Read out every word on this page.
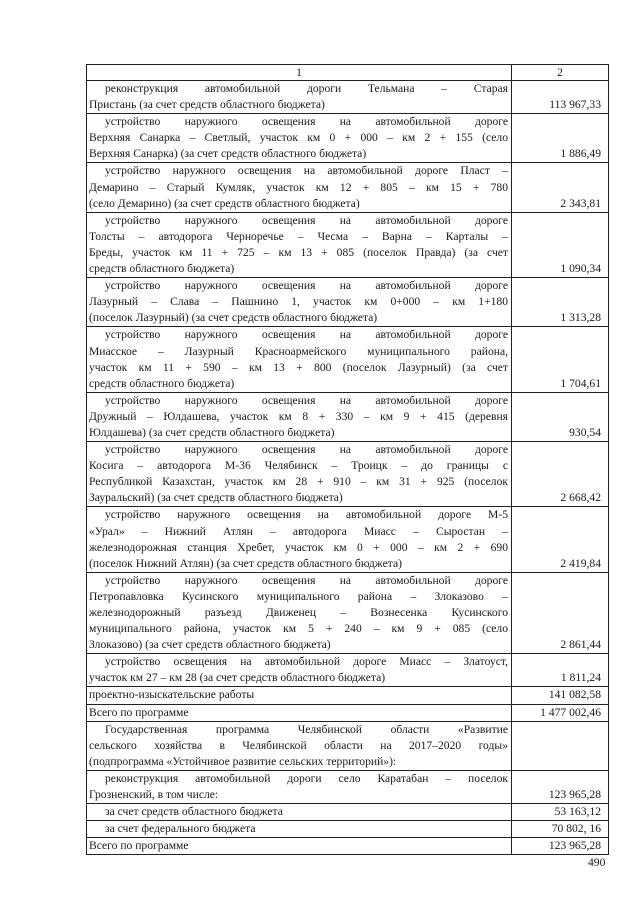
1	2
реконструкция автомобильной дороги Тельмана – Старая
Пристань (за счет средств областного бюджета)	113 967,33
устройство наружного освещения на автомобильной дороге
Верхняя Санарка – Светлый, участок км 0 + 000 – км 2 + 155 (село
Верхняя Санарка) (за счет средств областного бюджета)	1 886,49
устройство наружного освещения на автомобильной дороге Пласт –
Демарино – Старый Кумляк, участок км 12 + 805 – км 15 + 780
(село Демарино) (за счет средств областного бюджета)	2 343,81
устройство наружного освещения на автомобильной дороге
Толсты – автодорога Черноречье – Чесма – Варна – Карталы –
Бреды, участок км 11 + 725 – км 13 + 085 (поселок Правда) (за счет
средств областного бюджета)	1 090,34
устройство наружного освещения на автомобильной дороге
Лазурный – Слава – Пашнино 1, участок км 0+000 – км 1+180
(поселок Лазурный) (за счет средств областного бюджета)	1 313,28
устройство наружного освещения на автомобильной дороге
Миасское – Лазурный Красноармейского муниципального района,
участок км 11 + 590 – км 13 + 800 (поселок Лазурный) (за счет
средств областного бюджета)	1 704,61
устройство наружного освещения на автомобильной дороге
Дружный – Юлдашева, участок км 8 + 330 – км 9 + 415 (деревня
Юлдашева) (за счет средств областного бюджета)	930,54
устройство наружного освещения на автомобильной дороге
Косига – автодорога М-36 Челябинск – Троицк – до границы с
Республикой Казахстан, участок км 28 + 910 – км 31 + 925 (поселок
Зауральский) (за счет средств областного бюджета)	2 668,42
устройство наружного освещения на автомобильной дороге М-5
«Урал» – Нижний Атлян – автодорога Миасс – Сыростан –
железнодорожная станция Хребет, участок км 0 + 000 – км 2 + 690
(поселок Нижний Атлян) (за счет средств областного бюджета)	2 419,84
устройство наружного освещения на автомобильной дороге
Петропавловка Кусинского муниципального района – Злоказово –
железнодорожный разъезд Движенец – Вознесенка Кусинского
муниципального района, участок км 5 + 240 – км 9 + 085 (село
Злоказово) (за счет средств областного бюджета)	2 861,44
устройство освещения на автомобильной дороге Миасс – Златоуст,
участок км 27 – км 28 (за счет средств областного бюджета)	1 811,24
проектно-изыскательские работы	141 082,58
Всего по программе	1 477 002,46
Государственная программа Челябинской области «Развитие
сельского хозяйства в Челябинской области на 2017–2020 годы»
(подпрограмма «Устойчивое развитие сельских территорий»):
реконструкция автомобильной дороги село Каратабан – поселок
Грозненский, в том числе:	123 965,28
за счет средств областного бюджета	53 163,12
за счет федерального бюджета	70 802, 16
Всего по программе	123 965,28
490
